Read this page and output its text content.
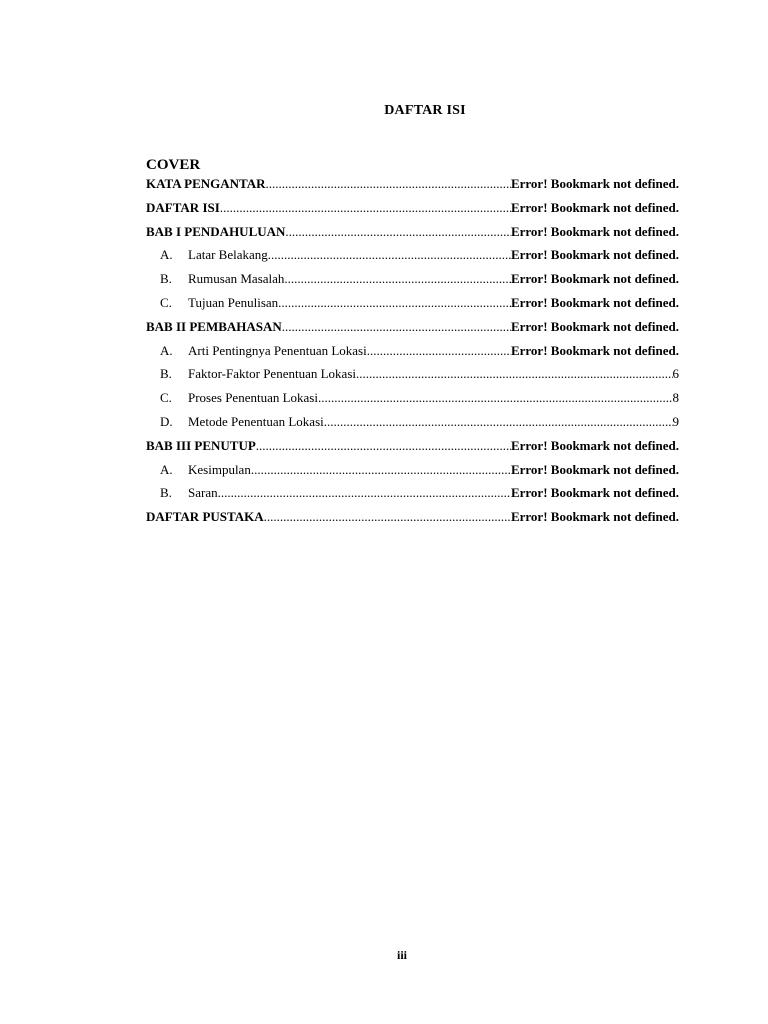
DAFTAR ISI
COVER
KATA PENGANTAR .....	Error! Bookmark not defined.
DAFTAR ISI .....	Error! Bookmark not defined.
BAB I PENDAHULUAN .....	Error! Bookmark not defined.
A.	Latar Belakang .....	Error! Bookmark not defined.
B.	Rumusan Masalah .....	Error! Bookmark not defined.
C.	Tujuan Penulisan .....	Error! Bookmark not defined.
BAB II PEMBAHASAN .....	Error! Bookmark not defined.
A.	Arti Pentingnya Penentuan Lokasi .....	Error! Bookmark not defined.
B.	Faktor-Faktor Penentuan Lokasi .....	6
C.	Proses Penentuan Lokasi .....	8
D.	Metode Penentuan Lokasi .....	9
BAB III PENUTUP .....	Error! Bookmark not defined.
A.	Kesimpulan .....	Error! Bookmark not defined.
B.	Saran .....	Error! Bookmark not defined.
DAFTAR PUSTAKA .....	Error! Bookmark not defined.
iii
